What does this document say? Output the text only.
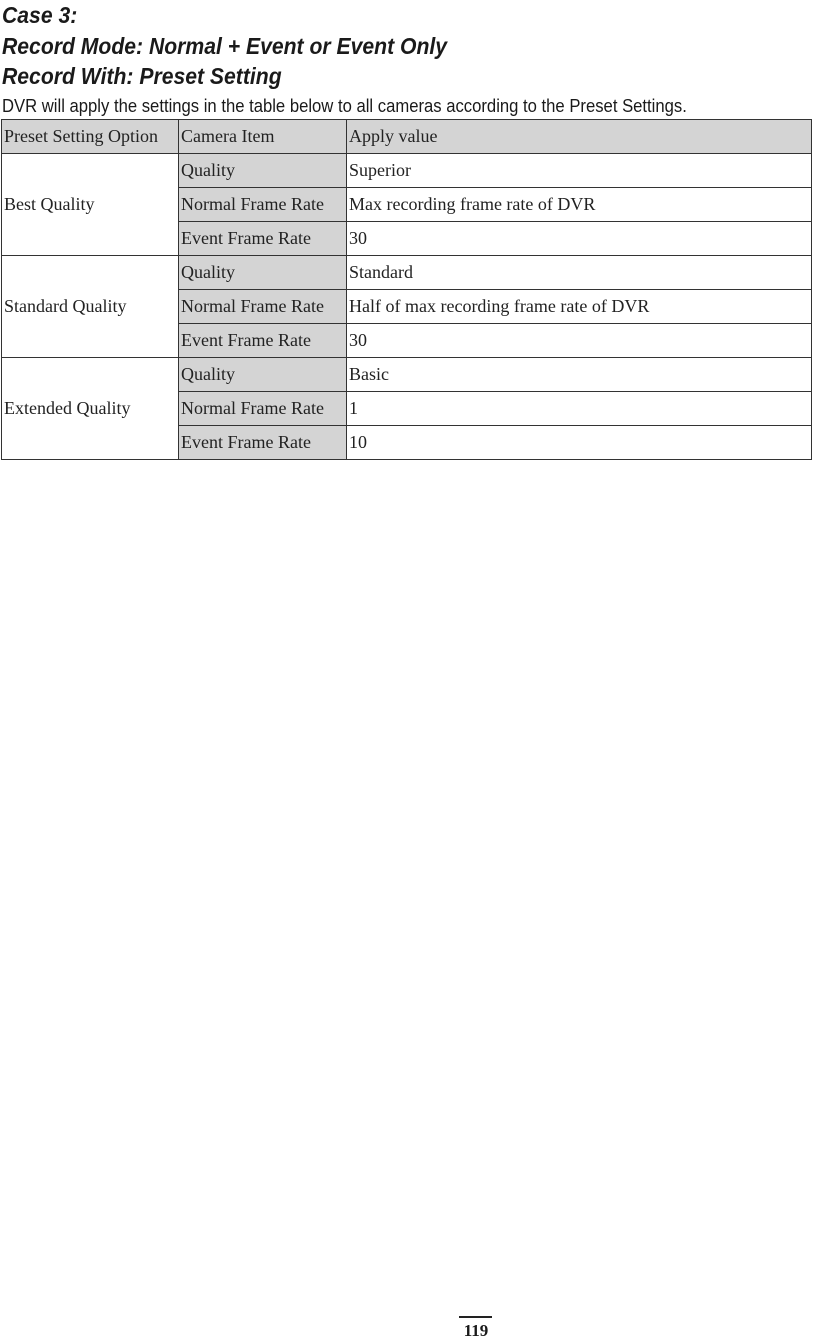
Case 3:
Record Mode: Normal + Event or Event Only
Record With: Preset Setting

DVR will apply the settings in the table below to all cameras according to the Preset Settings.

Preset Setting Option	Camera Item	Apply value
Best Quality	Quality	Superior
	Normal Frame Rate	Max recording frame rate of DVR
	Event Frame Rate	30
Standard Quality	Quality	Standard
	Normal Frame Rate	Half of max recording frame rate of DVR
	Event Frame Rate	30
Extended Quality	Quality	Basic
	Normal Frame Rate	1
	Event Frame Rate	10
119
